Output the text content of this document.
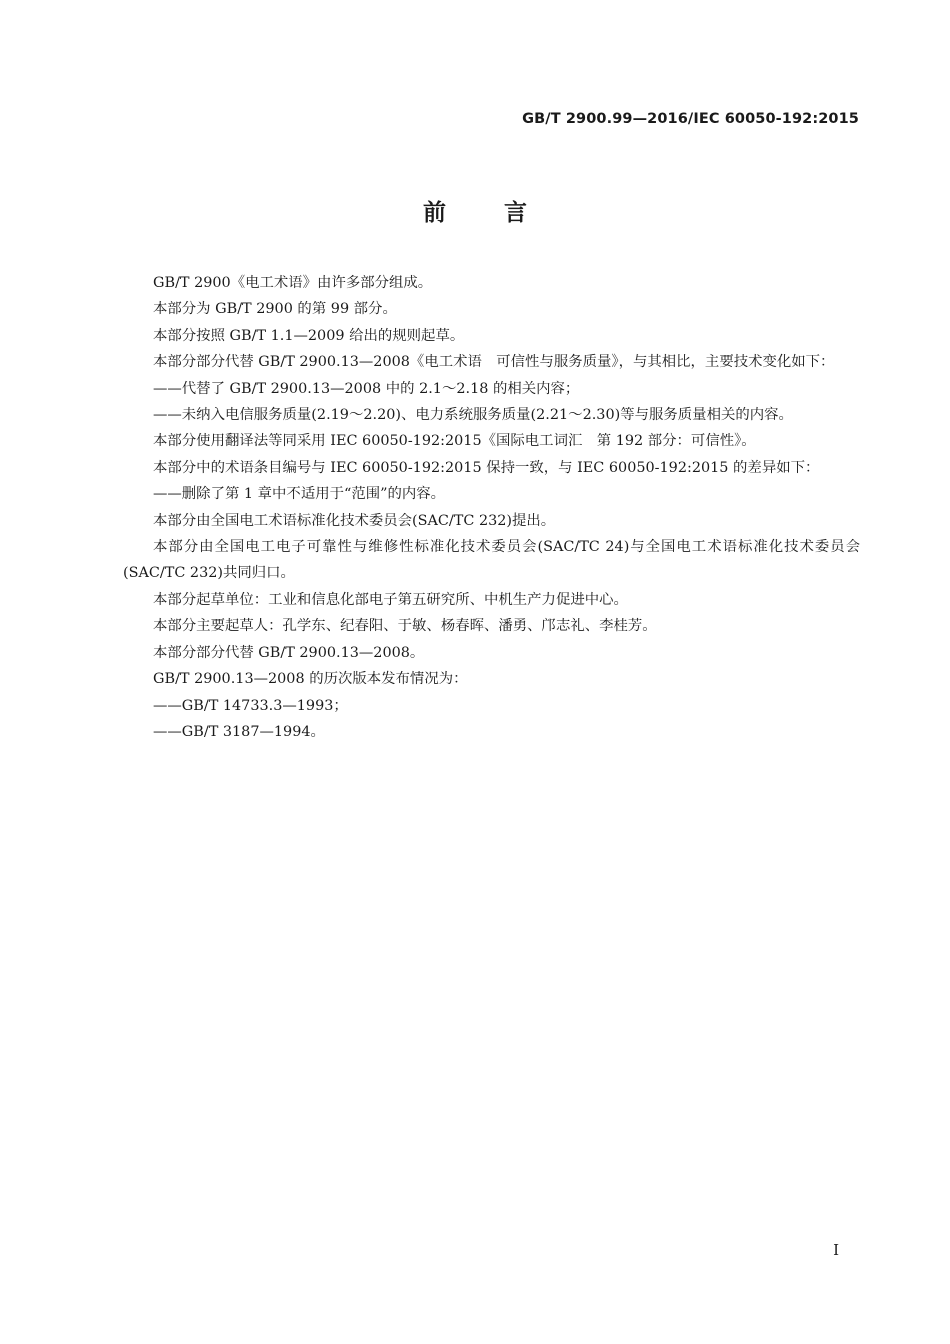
GB/T 2900.99—2016/IEC 60050-192:2015
前言

GB/T 2900《电工术语》由许多部分组成。

本部分为 GB/T 2900 的第 99 部分。

本部分按照 GB/T 1.1—2009 给出的规则起草。

本部分部分代替 GB/T 2900.13—2008《电工术语　可信性与服务质量》，与其相比，主要技术变化如下：

——代替了 GB/T 2900.13—2008 中的 2.1～2.18 的相关内容；

——未纳入电信服务质量(2.19～2.20)、电力系统服务质量(2.21～2.30)等与服务质量相关的内容。

本部分使用翻译法等同采用 IEC 60050-192:2015《国际电工词汇　第 192 部分：可信性》。

本部分中的术语条目编号与 IEC 60050-192:2015 保持一致，与 IEC 60050-192:2015 的差异如下：

——删除了第 1 章中不适用于“范围”的内容。

本部分由全国电工术语标准化技术委员会(SAC/TC 232)提出。

本部分由全国电工电子可靠性与维修性标准化技术委员会(SAC/TC 24)与全国电工术语标准化技术委员会(SAC/TC 232)共同归口。

本部分起草单位：工业和信息化部电子第五研究所、中机生产力促进中心。

本部分主要起草人：孔学东、纪春阳、于敏、杨春晖、潘勇、邝志礼、李桂芳。

本部分部分代替 GB/T 2900.13—2008。

GB/T 2900.13—2008 的历次版本发布情况为：

——GB/T 14733.3—1993；

——GB/T 3187—1994。

I
